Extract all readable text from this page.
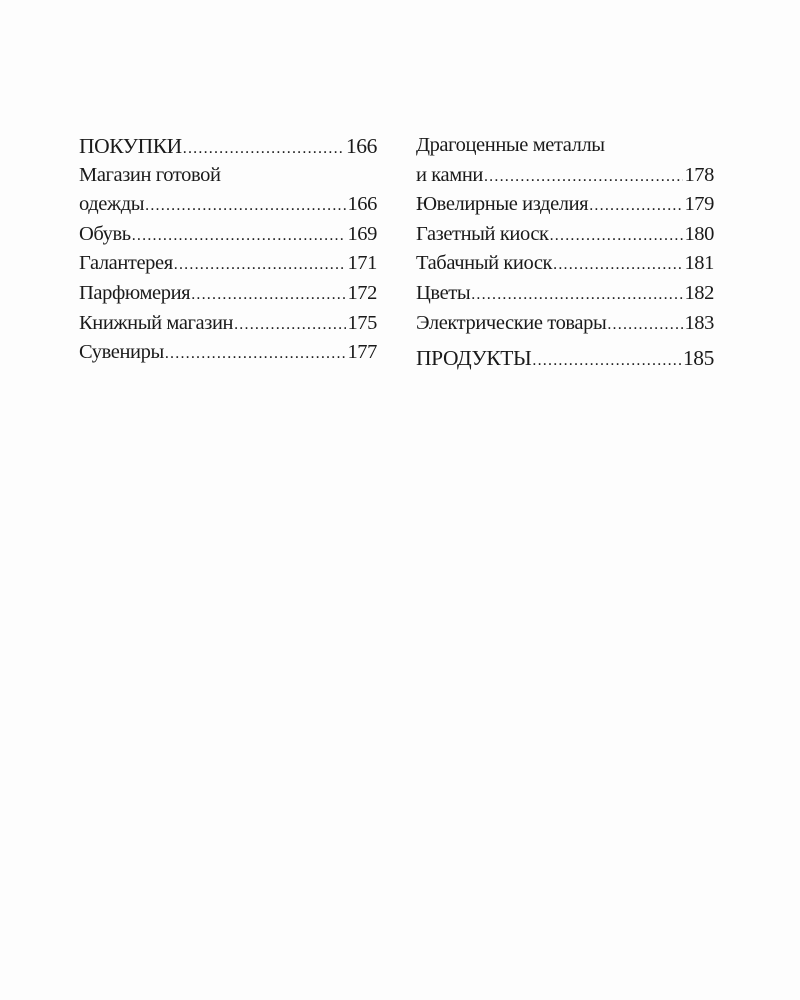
ПОКУПКИ .....	166
Магазин готовой
одежды .....	166
Обувь .....	169
Галантерея .....	171
Парфюмерия .....	172
Книжный магазин .....	175
Сувениры .....	177
Драгоценные металлы
и камни .....	178
Ювелирные изделия .....	179
Газетный киоск .....	180
Табачный киоск .....	181
Цветы .....	182
Электрические товары .....	183
ПРОДУКТЫ .....	185
